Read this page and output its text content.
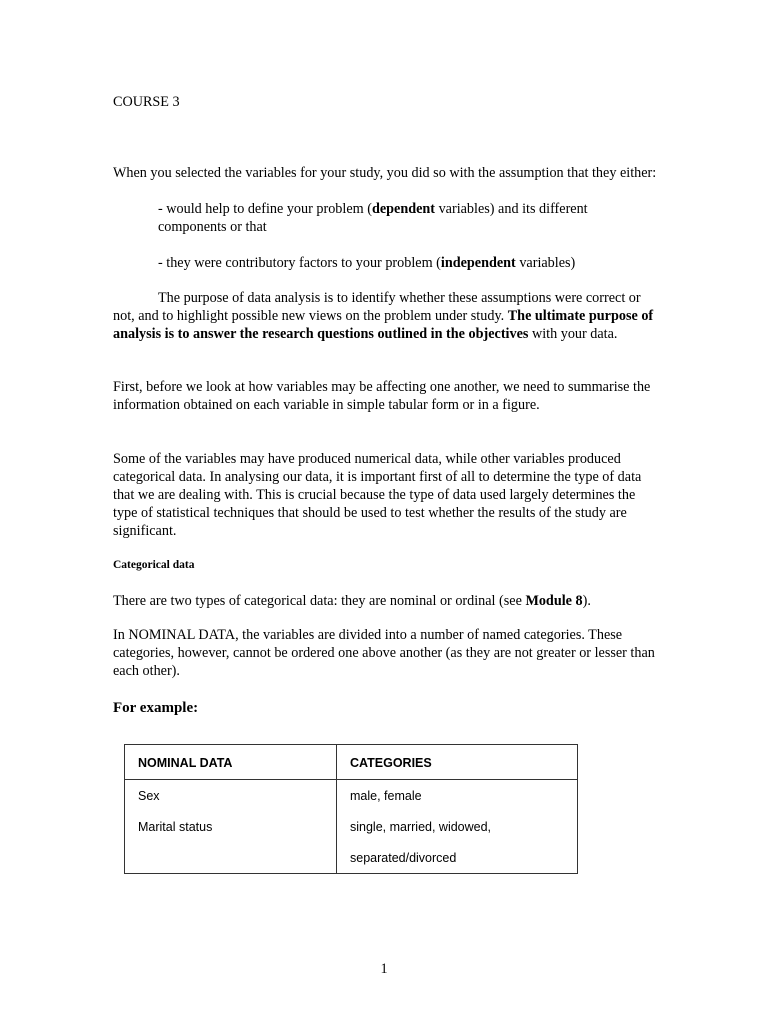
COURSE 3

When you selected the variables for your study, you did so with the assumption that they either:

- would help to define your problem (dependent variables) and its different components or that

- they were contributory factors to your problem (independent variables)

The purpose of data analysis is to identify whether these assumptions were correct or not, and to highlight possible new views on the problem under study. The ultimate purpose of analysis is to answer the research questions outlined in the objectives with your data.

First, before we look at how variables may be affecting one another, we need to summarise the information obtained on each variable in simple tabular form or in a figure.

Some of the variables may have produced numerical data, while other variables produced categorical data. In analysing our data, it is important first of all to determine the type of data that we are dealing with. This is crucial because the type of data used largely determines the type of statistical techniques that should be used to test whether the results of the study are significant.

Categorical data

There are two types of categorical data: they are nominal or ordinal (see Module 8).

In NOMINAL DATA, the variables are divided into a number of named categories. These categories, however, cannot be ordered one above another (as they are not greater or lesser than each other).

For example:

NOMINAL DATA	CATEGORIES

Sex	male, female

Marital status	single, married, widowed,

separated/divorced

1
